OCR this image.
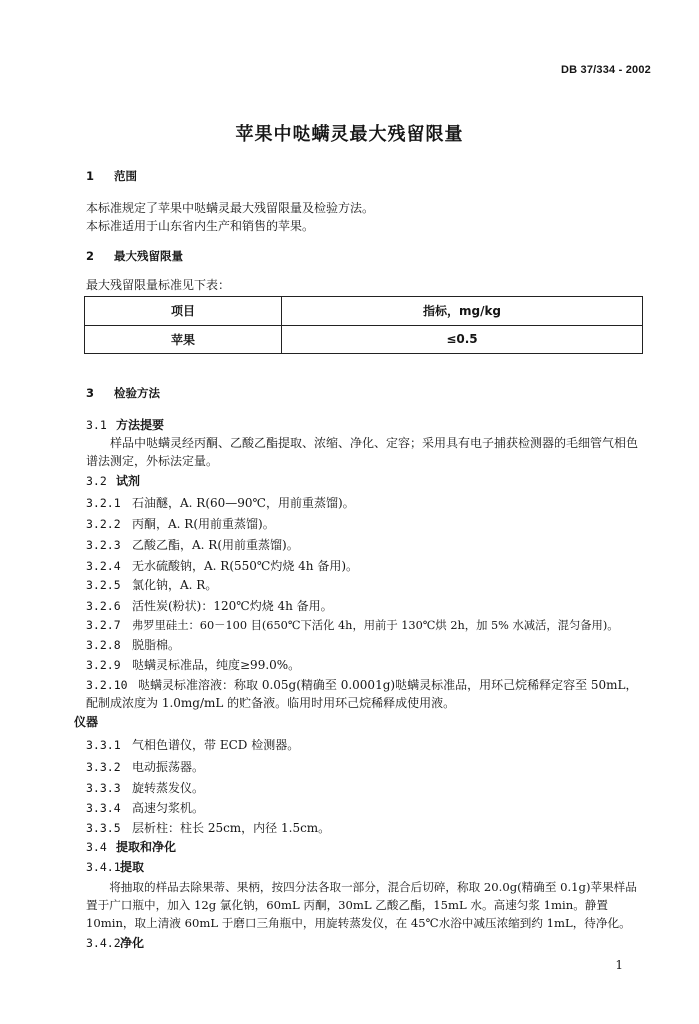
DB 37/334 - 2002
苹果中哒螨灵最大残留限量
1 范围
本标准规定了苹果中哒螨灵最大残留限量及检验方法。
本标准适用于山东省内生产和销售的苹果。
2 最大残留限量
最大残留限量标准见下表：
项目	指标，mg/kg
苹果	≤0.5
3 检验方法
3.1 方法提要
样品中哒螨灵经丙酮、乙酸乙酯提取、浓缩、净化、定容；采用具有电子捕获检测器的毛细管气相色谱法测定，外标法定量。
3.2 试剂
3.2.1 石油醚，A. R(60—90℃，用前重蒸馏)。
3.2.2 丙酮，A. R(用前重蒸馏)。
3.2.3 乙酸乙酯，A. R(用前重蒸馏)。
3.2.4 无水硫酸钠，A. R(550℃灼烧 4h 备用)。
3.2.5 氯化钠，A. R。
3.2.6 活性炭(粉状)：120℃灼烧 4h 备用。
3.2.7 弗罗里硅土：60－100 目(650℃下活化 4h，用前于 130℃烘 2h，加 5% 水减活，混匀备用)。
3.2.8 脱脂棉。
3.2.9 哒螨灵标准品，纯度≥99.0%。
3.2.10 哒螨灵标准溶液：称取 0.05g(精确至 0.0001g)哒螨灵标准品，用环己烷稀释定容至 50mL，配制成浓度为 1.0mg/mL 的贮备液。临用时用环己烷稀释成使用液。
仪器
3.3.1 气相色谱仪，带 ECD 检测器。
3.3.2 电动振荡器。
3.3.3 旋转蒸发仪。
3.3.4 高速匀浆机。
3.3.5 层析柱：柱长 25cm，内径 1.5cm。
3.4 提取和净化
3.4.1提取
将抽取的样品去除果蒂、果柄，按四分法各取一部分，混合后切碎，称取 20.0g(精确至 0.1g)苹果样品置于广口瓶中，加入 12g 氯化钠，60mL 丙酮，30mL 乙酸乙酯，15mL 水。高速匀浆 1min。静置 10min，取上清液 60mL 于磨口三角瓶中，用旋转蒸发仪，在 45℃水浴中减压浓缩到约 1mL，待净化。
3.4.2净化
1
